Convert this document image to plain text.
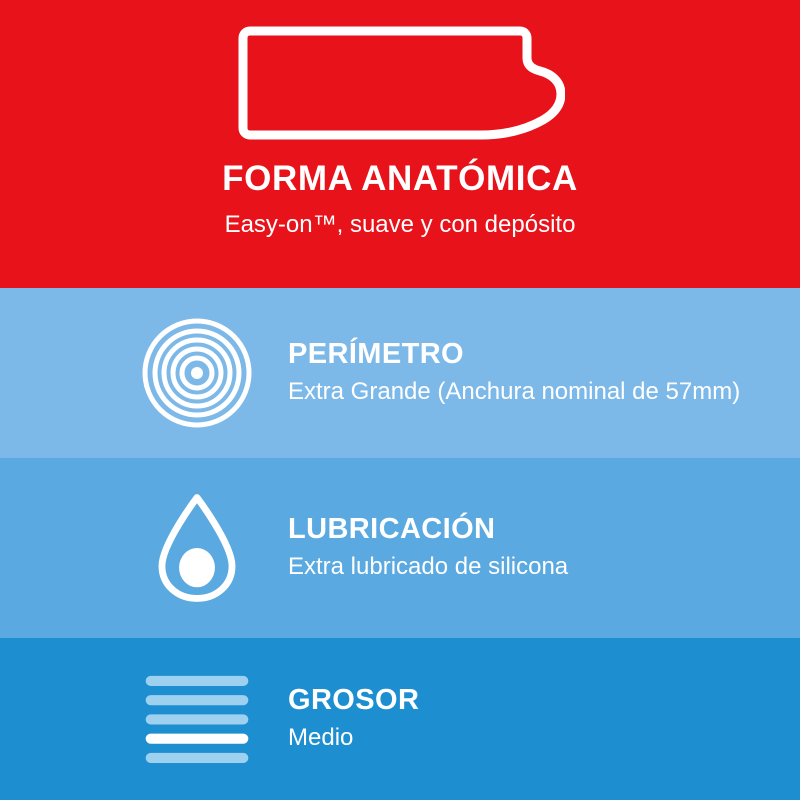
FORMA ANATÓMICA
Easy-on™, suave y con depósito
PERÍMETRO
Extra Grande (Anchura nominal de 57mm)
LUBRICACIÓN
Extra lubricado de silicona
GROSOR
Medio
